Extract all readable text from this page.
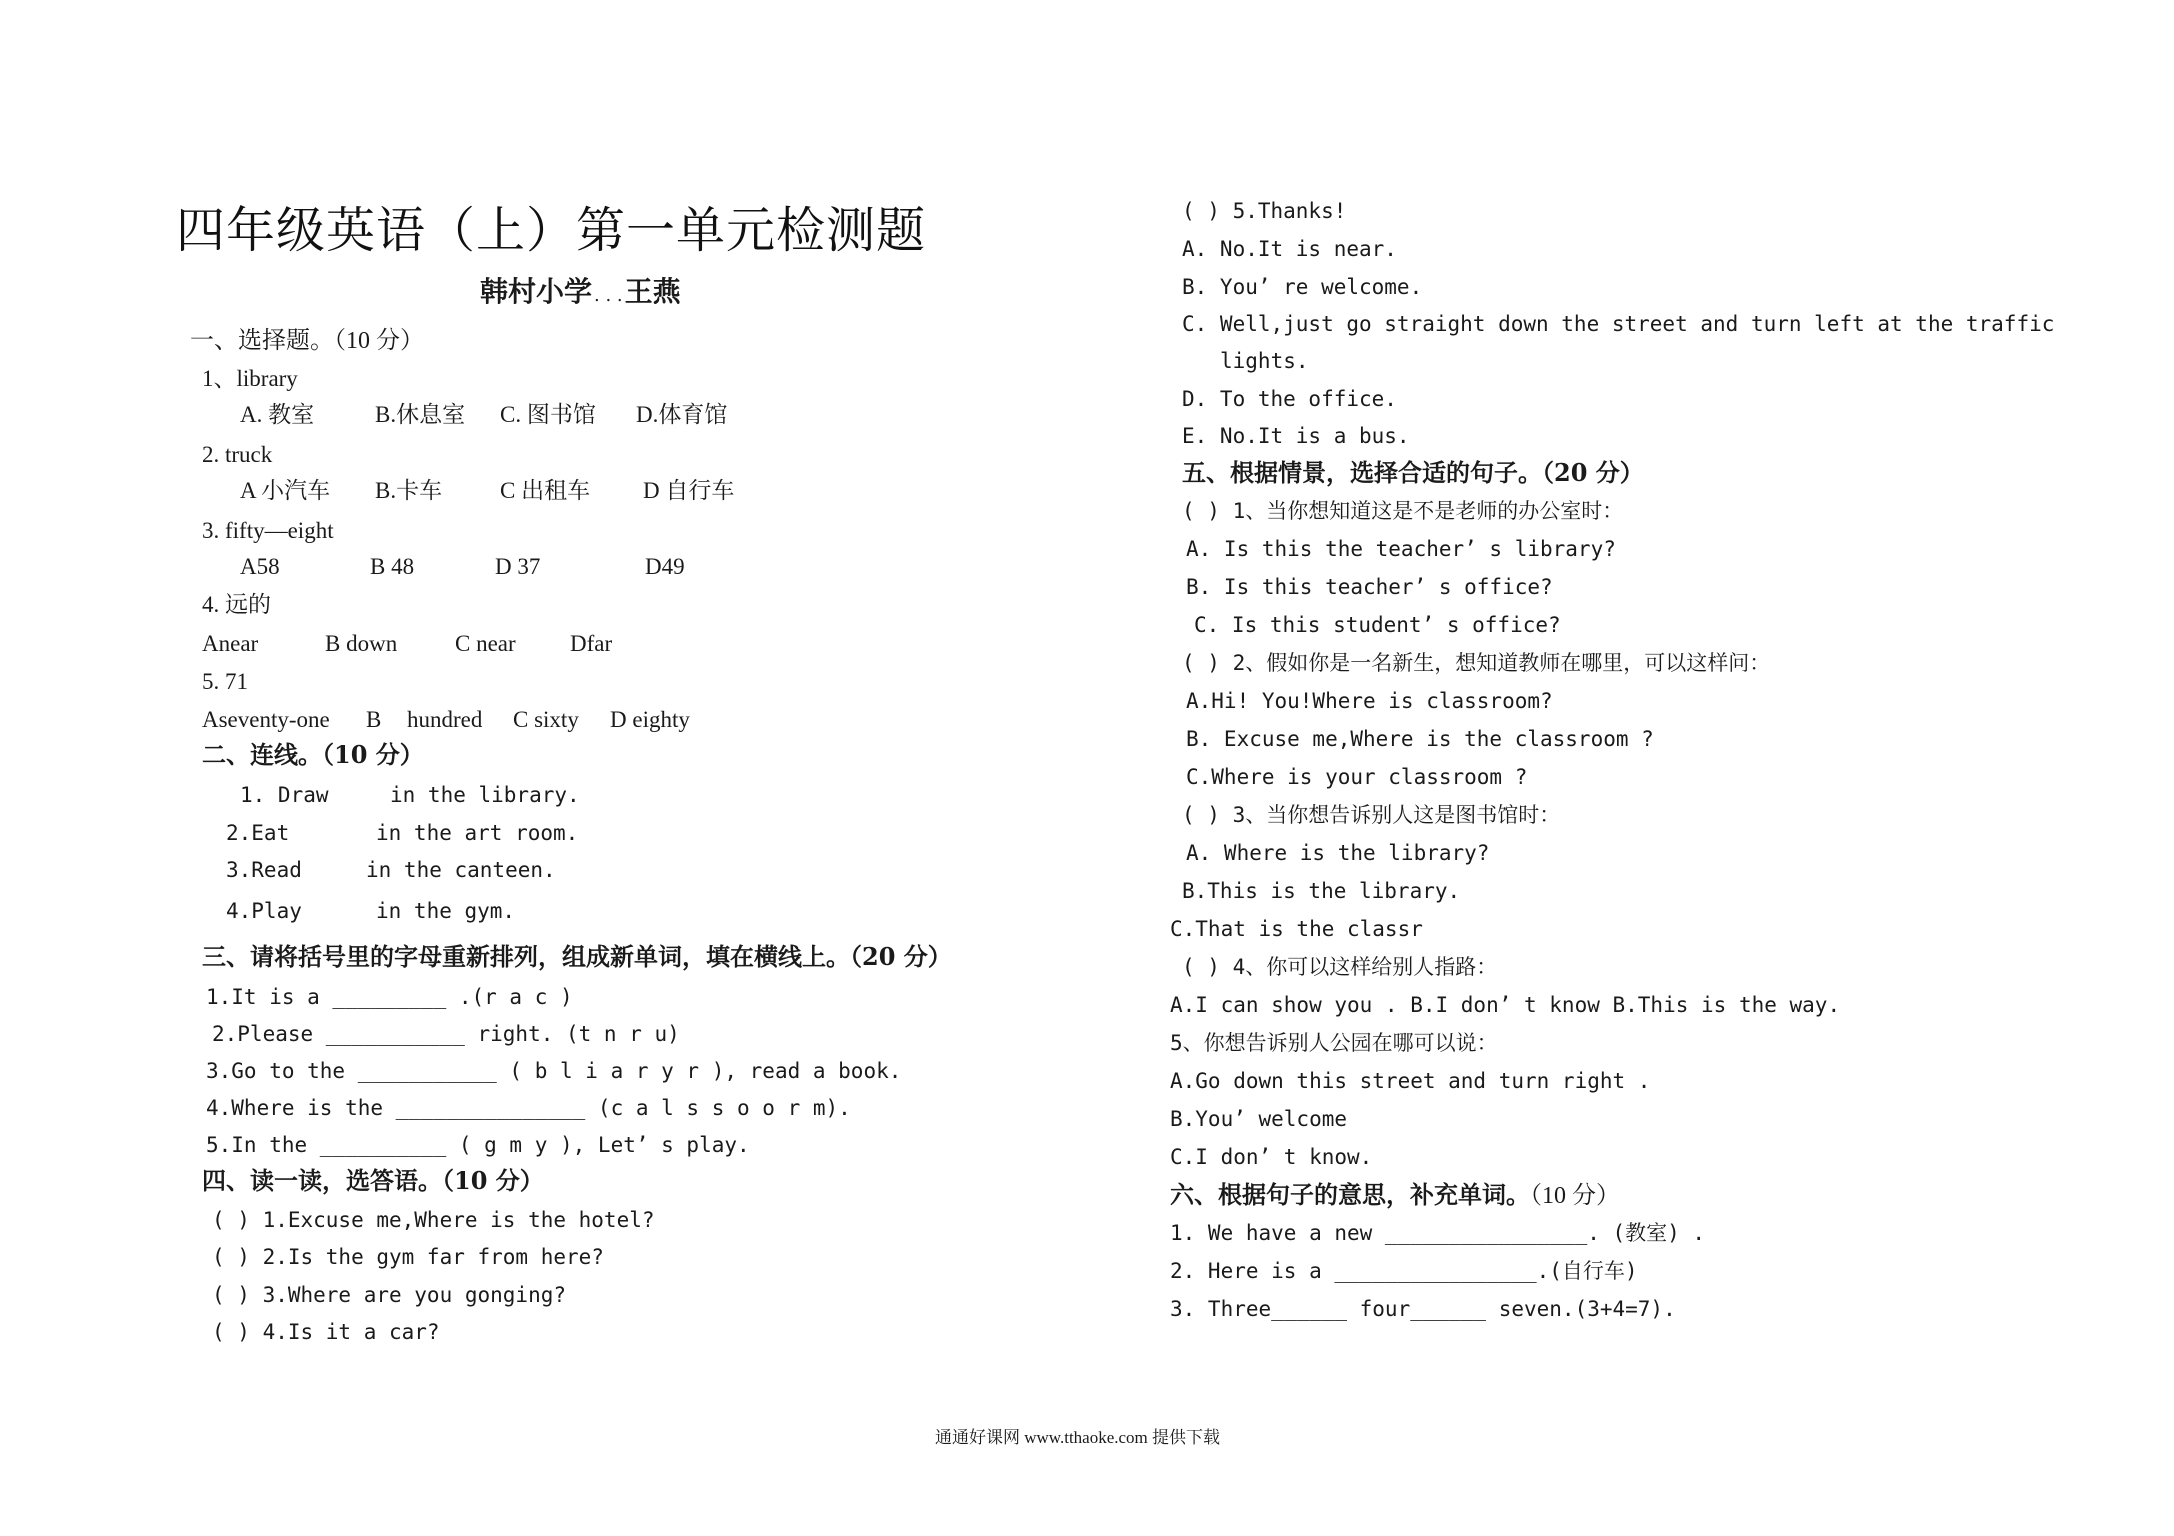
四年级英语（上）第一单元检测题
韩村小学 . . .王燕
一、选择题。（10 分）
1、library
A. 教室	B.休息室 C. 图书馆 D.体育馆
2. truck
A 小汽车 B.卡车	C 出租车 D 自行车
3. fifty—eight
A58	B 48	D 37	D49
4. 远的
Anear	B down	C near Dfar
5. 71
Aseventy-one B hundred C sixty D eighty
二、连线。（10 分）
1. Draw	in the library.
2.Eat	in the art room.
3.Read	in the canteen.
4.Play	in the gym.
三、请将括号里的字母重新排列，组成新单词，填在横线上。（20 分）
1.It is a _________ .(r a c )
2.Please ___________ right. (t n r u)
3.Go to the ___________ ( b l i a r y r ), read a book.
4.Where is the _______________ (c a l s s o o r m).
5.In the __________ ( g m y ), Let’ s play.
四、读一读，选答语。（10 分）
( ) 1.Excuse me,Where is the hotel?
( ) 2.Is the gym far from here?
( ) 3.Where are you gonging?
( ) 4.Is it a car?
( ) 5.Thanks!
A. No.It is near.
B. You’ re welcome.
C. Well,just go straight down the street and turn left at the traffic
lights.
D. To the office.
E. No.It is a bus.
五、根据情景，选择合适的句子。（20 分）
( ) 1、当你想知道这是不是老师的办公室时：
A. Is this the teacher’ s library?
B. Is this teacher’ s office?
C. Is this student’ s office?
( ) 2、假如你是一名新生，想知道教师在哪里，可以这样问：
A.Hi! You!Where is classroom?
B. Excuse me,Where is the classroom ?
C.Where is your classroom ?
( ) 3、当你想告诉别人这是图书馆时：
A. Where is the library?
B.This is the library.
C.That is the classr
( ) 4、你可以这样给别人指路：
A.I can show you . B.I don’ t know B.This is the way.
5、你想告诉别人公园在哪可以说：
A.Go down this street and turn right .
B.You’ welcome
C.I don’ t know.
六、根据句子的意思，补充单词。（10 分）
1. We have a new ________________. (教室) .
2. Here is a ________________.(自行车)
3. Three______ four______ seven.(3+4=7).
通通好课网 www.tthaoke.com 提供下载
